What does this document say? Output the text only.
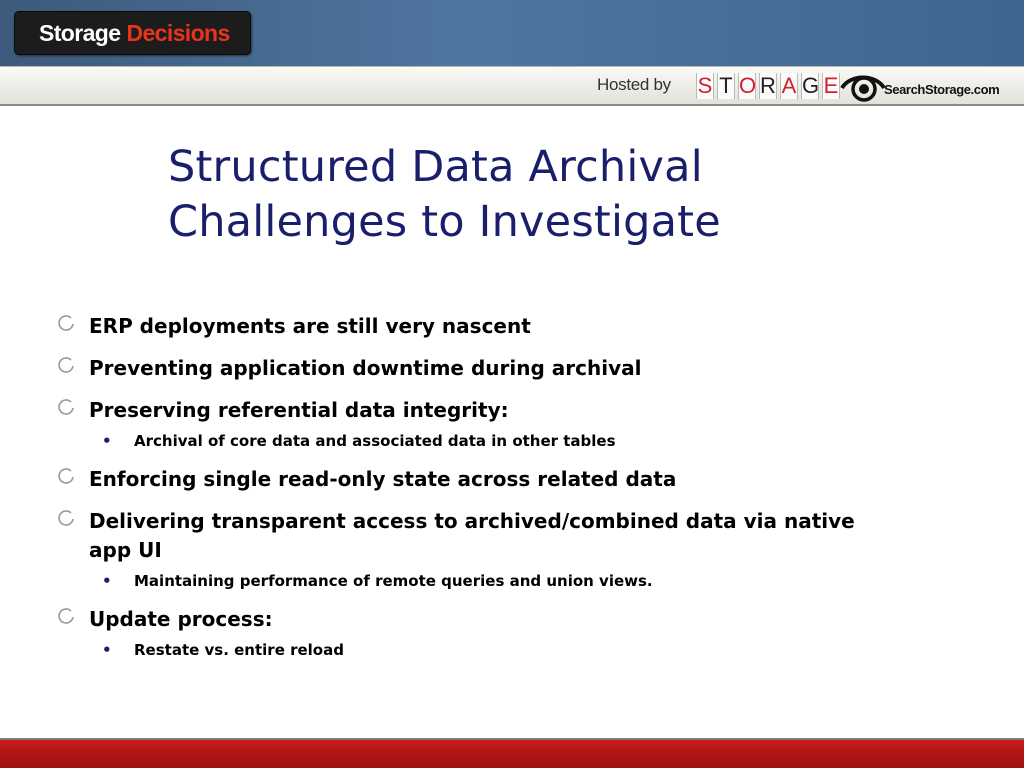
Storage Decisions
Hosted by S T O R A G E	SearchStorage.com
Structured Data Archival
Challenges to Investigate
ERP deployments are still very nascent
Preventing application downtime during archival
Preserving referential data integrity:
• Archival of core data and associated data in other tables
Enforcing single read-only state across related data
Delivering transparent access to archived/combined data via native app UI
• Maintaining performance of remote queries and union views.
Update process:
• Restate vs. entire reload
